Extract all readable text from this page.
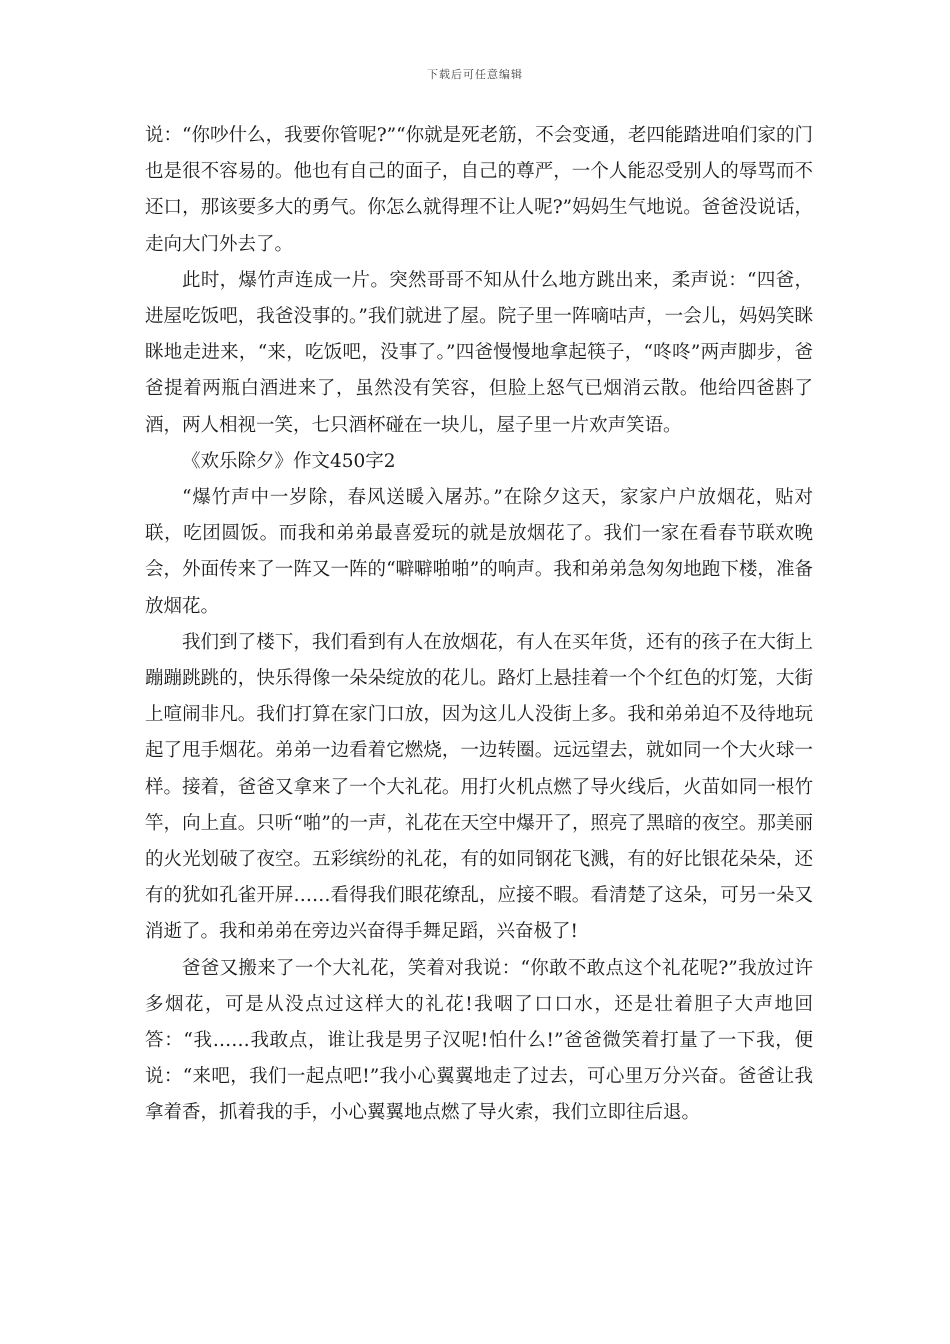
下载后可任意编辑

说：“你吵什么，我要你管呢?”“你就是死老筋，不会变通，老四能踏进咱们家的门也是很不容易的。他也有自己的面子，自己的尊严，一个人能忍受别人的辱骂而不还口，那该要多大的勇气。你怎么就得理不让人呢?”妈妈生气地说。爸爸没说话，走向大门外去了。

此时，爆竹声连成一片。突然哥哥不知从什么地方跳出来，柔声说：“四爸，进屋吃饭吧，我爸没事的。”我们就进了屋。院子里一阵嘀咕声，一会儿，妈妈笑眯眯地走进来，“来，吃饭吧，没事了。”四爸慢慢地拿起筷子，“咚咚”两声脚步，爸爸提着两瓶白酒进来了，虽然没有笑容，但脸上怒气已烟消云散。他给四爸斟了酒，两人相视一笑，七只酒杯碰在一块儿，屋子里一片欢声笑语。

《欢乐除夕》作文450字2

“爆竹声中一岁除，春风送暖入屠苏。”在除夕这天，家家户户放烟花，贴对联，吃团圆饭。而我和弟弟最喜爱玩的就是放烟花了。我们一家在看春节联欢晚会，外面传来了一阵又一阵的“噼噼啪啪”的响声。我和弟弟急匆匆地跑下楼，准备放烟花。

我们到了楼下，我们看到有人在放烟花，有人在买年货，还有的孩子在大街上蹦蹦跳跳的，快乐得像一朵朵绽放的花儿。路灯上悬挂着一个个红色的灯笼，大街上喧闹非凡。我们打算在家门口放，因为这儿人没街上多。我和弟弟迫不及待地玩起了甩手烟花。弟弟一边看着它燃烧，一边转圈。远远望去，就如同一个大火球一样。接着，爸爸又拿来了一个大礼花。用打火机点燃了导火线后，火苗如同一根竹竿，向上直。只听“啪”的一声，礼花在天空中爆开了，照亮了黑暗的夜空。那美丽的火光划破了夜空。五彩缤纷的礼花，有的如同钢花飞溅，有的好比银花朵朵，还有的犹如孔雀开屏……看得我们眼花缭乱，应接不暇。看清楚了这朵，可另一朵又消逝了。我和弟弟在旁边兴奋得手舞足蹈，兴奋极了!

爸爸又搬来了一个大礼花，笑着对我说：“你敢不敢点这个礼花呢?”我放过许多烟花，可是从没点过这样大的礼花!我咽了口口水，还是壮着胆子大声地回答：“我……我敢点，谁让我是男子汉呢!怕什么!”爸爸微笑着打量了一下我，便说：“来吧，我们一起点吧!”我小心翼翼地走了过去，可心里万分兴奋。爸爸让我拿着香，抓着我的手，小心翼翼地点燃了导火索，我们立即往后退。
